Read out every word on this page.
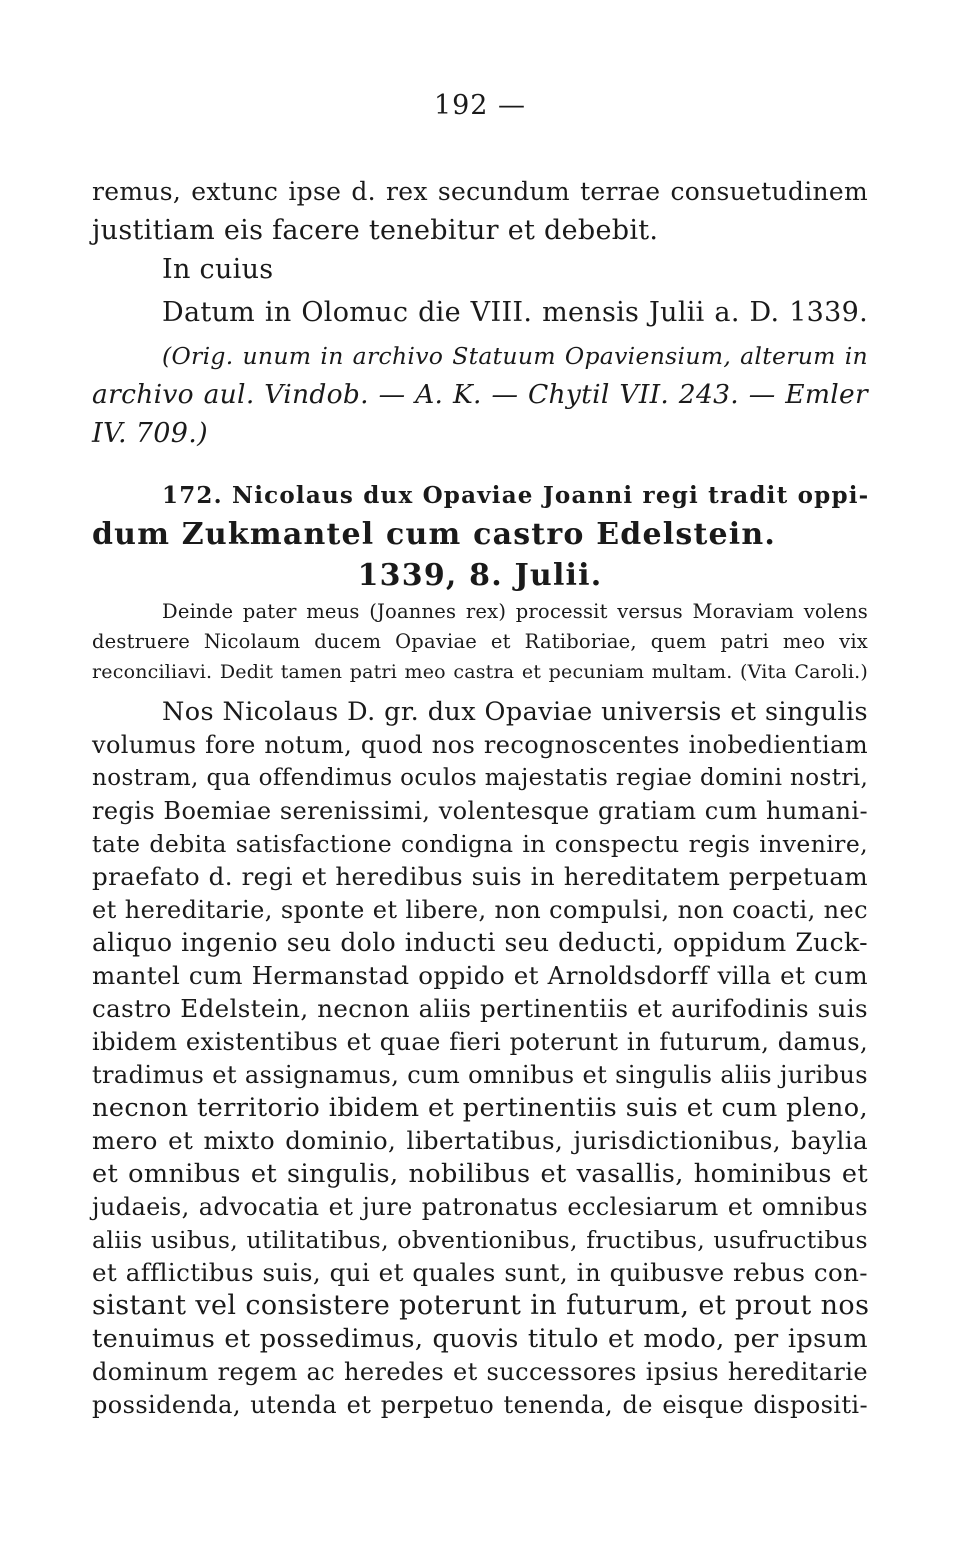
192 —
remus, extunc ipse d. rex secundum terrae consuetudinem
justitiam eis facere tenebitur et debebit.
In cuius
Datum in Olomuc die VIII. mensis Julii a. D. 1339.
(Orig. unum in archivo Statuum Opaviensium, alterum in
archivo aul. Vindob. — A. K. — Chytil VII. 243. — Emler
IV. 709.)
172. Nicolaus dux Opaviae Joanni regi tradit oppi-
dum Zukmantel cum castro Edelstein.
1339, 8. Julii.
Deinde pater meus (Joannes rex) processit versus Moraviam volens
destruere Nicolaum ducem Opaviae et Ratiboriae, quem patri meo vix
reconciliavi. Dedit tamen patri meo castra et pecuniam multam. (Vita Caroli.)
Nos Nicolaus D. gr. dux Opaviae universis et singulis
volumus fore notum, quod nos recognoscentes inobedientiam
nostram, qua offendimus oculos majestatis regiae domini nostri,
regis Boemiae serenissimi, volentesque gratiam cum humani-
tate debita satisfactione condigna in conspectu regis invenire,
praefato d. regi et heredibus suis in hereditatem perpetuam
et hereditarie, sponte et libere, non compulsi, non coacti, nec
aliquo ingenio seu dolo inducti seu deducti, oppidum Zuck-
mantel cum Hermanstad oppido et Arnoldsdorff villa et cum
castro Edelstein, necnon aliis pertinentiis et aurifodinis suis
ibidem existentibus et quae fieri poterunt in futurum, damus,
tradimus et assignamus, cum omnibus et singulis aliis juribus
necnon territorio ibidem et pertinentiis suis et cum pleno,
mero et mixto dominio, libertatibus, jurisdictionibus, baylia
et omnibus et singulis, nobilibus et vasallis, hominibus et
judaeis, advocatia et jure patronatus ecclesiarum et omnibus
aliis usibus, utilitatibus, obventionibus, fructibus, usufructibus
et afflictibus suis, qui et quales sunt, in quibusve rebus con-
sistant vel consistere poterunt in futurum, et prout nos
tenuimus et possedimus, quovis titulo et modo, per ipsum
dominum regem ac heredes et successores ipsius hereditarie
possidenda, utenda et perpetuo tenenda, de eisque dispositi-
